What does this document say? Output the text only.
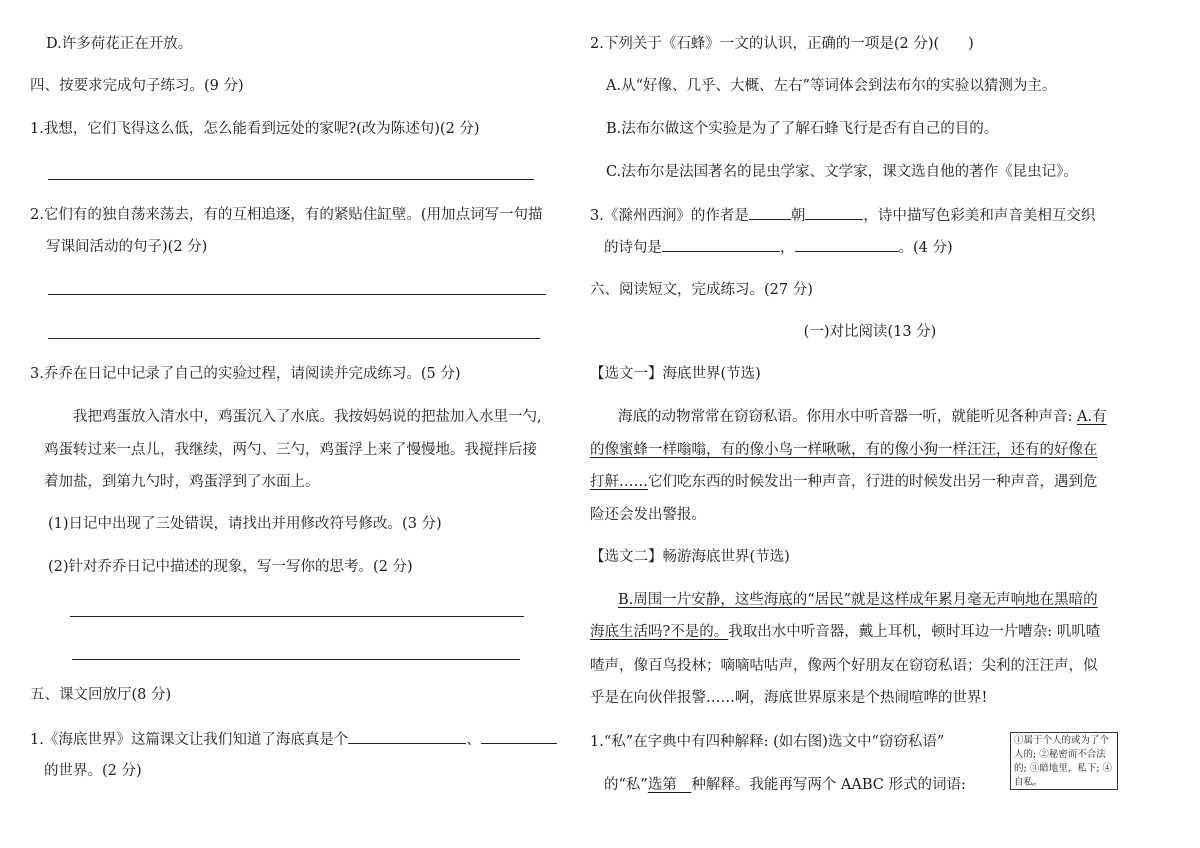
D.许多荷花正在开放。
四、按要求完成句子练习。(9 分)
1.我想，它们飞得这么低，怎么能看到远处的家呢?(改为陈述句)(2 分)
2.它们有的独自荡来荡去，有的互相追逐，有的紧贴住缸壁。(用加点词写一句描
写课间活动的句子)(2 分)
3.乔乔在日记中记录了自己的实验过程，请阅读并完成练习。(5 分)
我把鸡蛋放入清水中，鸡蛋沉入了水底。我按妈妈说的把盐加入水里一勺,
鸡蛋转过来一点儿，我继续，两勺、三勺，鸡蛋浮上来了慢慢地。我搅拌后接
着加盐，到第九勺时，鸡蛋浮到了水面上。
(1)日记中出现了三处错误，请找出并用修改符号修改。(3 分)
(2)针对乔乔日记中描述的现象，写一写你的思考。(2 分)
五、课文回放厅(8 分)
1.《海底世界》这篇课文让我们知道了海底真是个	、
的世界。(2 分)
2.下列关于《石蜂》一文的认识，正确的一项是(2 分)(　　)
A.从“好像、几乎、大概、左右”等词体会到法布尔的实验以猜测为主。
B.法布尔做这个实验是为了了解石蜂飞行是否有自己的目的。
C.法布尔是法国著名的昆虫学家、文学家，课文选自他的著作《昆虫记》。
3.《滁州西涧》的作者是	朝	，诗中描写色彩美和声音美相互交织
的诗句是	，	。(4 分)
六、阅读短文，完成练习。(27 分)
(一)对比阅读(13 分)
【选文一】海底世界(节选)
海底的动物常常在窃窃私语。你用水中听音器一听，就能听见各种声音: A.有
的像蜜蜂一样嗡嗡，有的像小鸟一样啾啾，有的像小狗一样汪汪，还有的好像在
打鼾……它们吃东西的时候发出一种声音，行进的时候发出另一种声音，遇到危
险还会发出警报。
【选文二】畅游海底世界(节选)
B.周围一片安静，这些海底的“居民”就是这样成年累月毫无声响地在黑暗的
海底生活吗?不是的。我取出水中听音器，戴上耳机，顿时耳边一片嘈杂: 叽叽喳
喳声，像百鸟投林；嘀嘀咕咕声，像两个好朋友在窃窃私语；尖利的汪汪声，似
乎是在向伙伴报警……啊，海底世界原来是个热闹喧哗的世界!
1.“私”在字典中有四种解释: (如右图)选文中“窃窃私语”
的“私”选第　种解释。我能再写两个 AABC 形式的词语:
①属于个人的或为了个人的; ②秘密而不合法的; ③暗地里，私下; ④自私。
